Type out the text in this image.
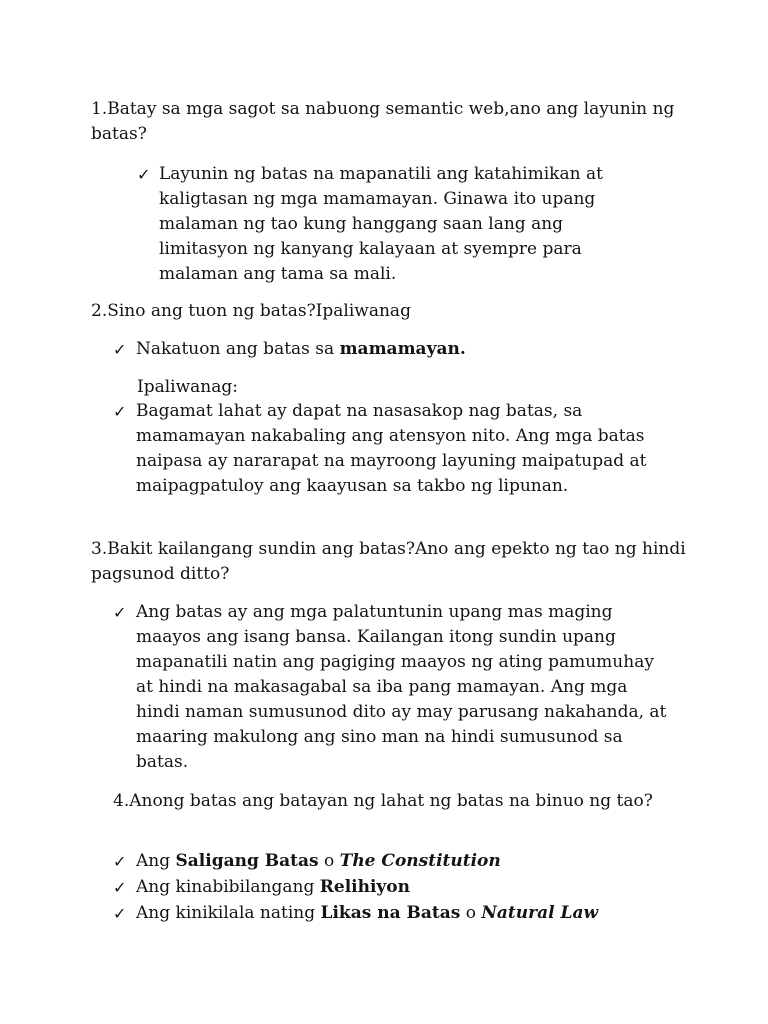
1.Batay sa mga sagot sa nabuong semantic web,ano ang layunin ng batas?

✓ Layunin ng batas na mapanatili ang katahimikan at kaligtasan ng mga mamamayan. Ginawa ito upang malaman ng tao kung hanggang saan lang ang limitasyon ng kanyang kalayaan at syempre para malaman ang tama sa mali.

2.Sino ang tuon ng batas?Ipaliwanag

✓ Nakatuon ang batas sa mamamayan.

Ipaliwanag:

✓ Bagamat lahat ay dapat na nasasakop nag batas, sa mamamayan nakabaling ang atensyon nito. Ang mga batas naipasa ay nararapat na mayroong layuning maipatupad at maipagpatuloy ang kaayusan sa takbo ng lipunan.

3.Bakit kailangang sundin ang batas?Ano ang epekto ng tao ng hindi pagsunod ditto?

✓ Ang batas ay ang mga palatuntunin upang mas maging maayos ang isang bansa. Kailangan itong sundin upang mapanatili natin ang pagiging maayos ng ating pamumuhay at hindi na makasagabal sa iba pang mamayan. Ang mga hindi naman sumusunod dito ay may parusang nakahanda, at maaring makulong ang sino man na hindi sumusunod sa batas.

4.Anong batas ang batayan ng lahat ng batas na binuo ng tao?

✓ Ang Saligang Batas o The Constitution
✓ Ang kinabibilangang Relihiyon
✓ Ang kinikilala nating Likas na Batas o Natural Law
